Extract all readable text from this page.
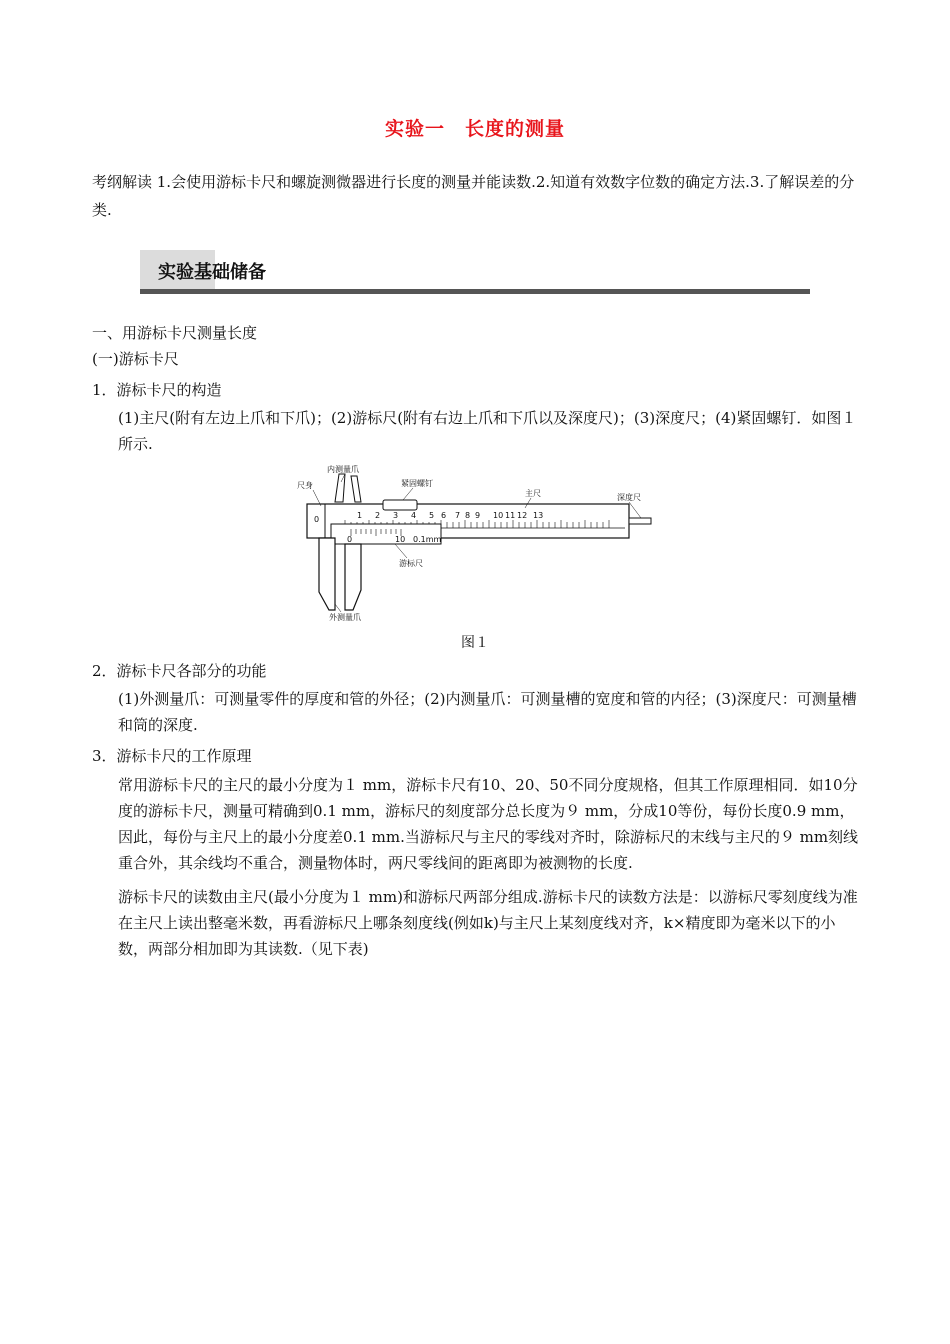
实验一　长度的测量

考纲解读 1.会使用游标卡尺和螺旋测微器进行长度的测量并能读数.2.知道有效数字位数的确定方法.3.了解误差的分类.

实验基础储备

一、用游标卡尺测量长度

(一)游标卡尺

1．游标卡尺的构造

(1)主尺(附有左边上爪和下爪)；(2)游标尺(附有右边上爪和下爪以及深度尺)；(3)深度尺；(4)紧固螺钉．如图１所示.

0	1 2 3 4 5 6 7 8 9 10 11 12 13
0	10 0.1mm
尺身
内测量爪
紧固螺钉
主尺	深度尺
游标尺
外测量爪
图１

2．游标卡尺各部分的功能

(1)外测量爪：可测量零件的厚度和管的外径；(2)内测量爪：可测量槽的宽度和管的内径；(3)深度尺：可测量槽和筒的深度.

3．游标卡尺的工作原理

常用游标卡尺的主尺的最小分度为１ mm，游标卡尺有10、20、50不同分度规格，但其工作原理相同．如10分度的游标卡尺，测量可精确到0.1 mm，游标尺的刻度部分总长度为９ mm，分成10等份，每份长度0.9 mm，因此，每份与主尺上的最小分度差0.1 mm.当游标尺与主尺的零线对齐时，除游标尺的末线与主尺的９ mm刻线重合外，其余线均不重合，测量物体时，两尺零线间的距离即为被测物的长度.

游标卡尺的读数由主尺(最小分度为１ mm)和游标尺两部分组成.游标卡尺的读数方法是：以游标尺零刻度线为准在主尺上读出整毫米数，再看游标尺上哪条刻度线(例如k)与主尺上某刻度线对齐，k×精度即为毫米以下的小数，两部分相加即为其读数.（见下表)
